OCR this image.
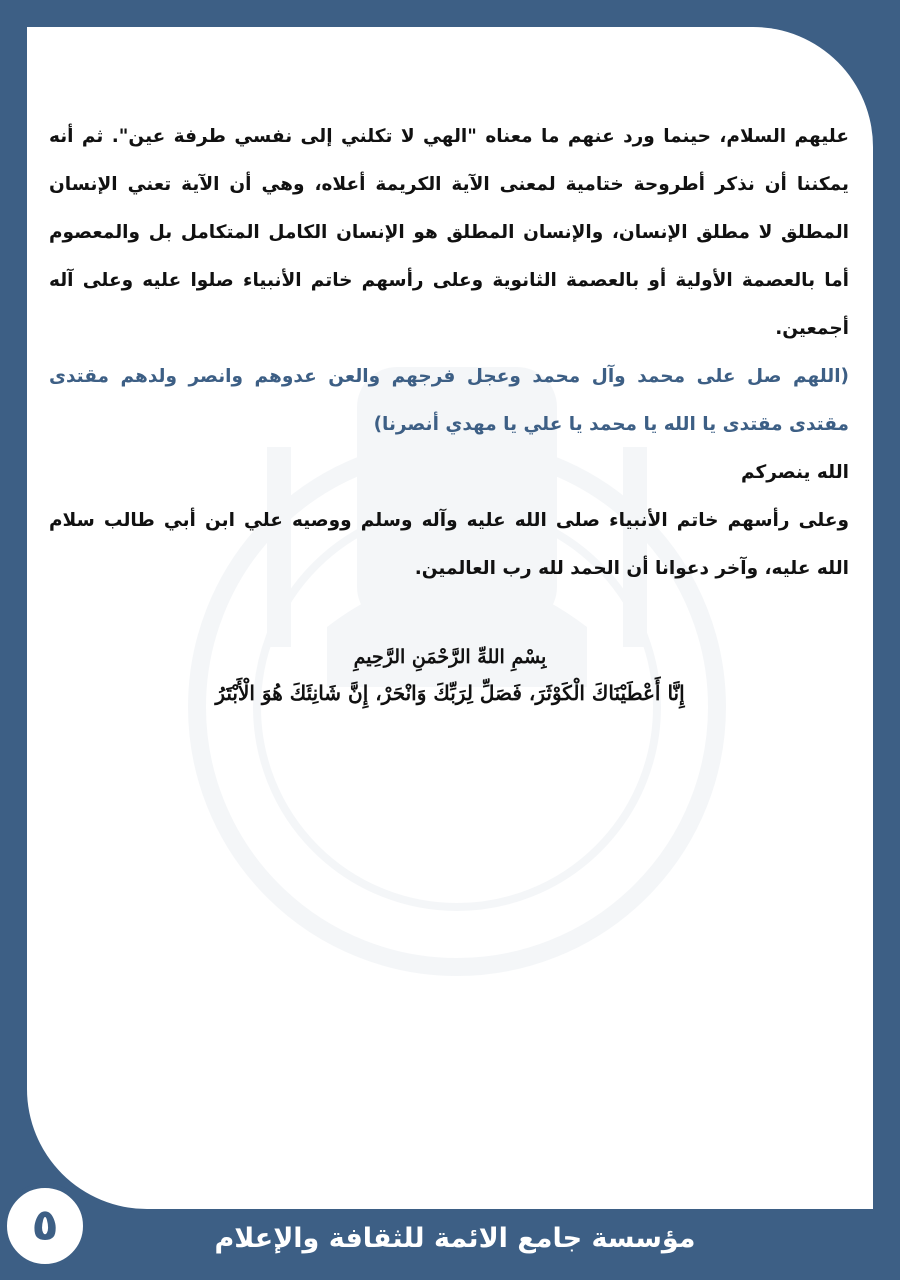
عليهم السلام، حينما ورد عنهم ما معناه "الهي لا تكلني إلى نفسي طرفة عين". ثم أنه يمكننا أن نذكر أطروحة ختامية لمعنى الآية الكريمة أعلاه، وهي أن الآية تعني الإنسان المطلق لا مطلق الإنسان، والإنسان المطلق هو الإنسان الكامل المتكامل بل والمعصوم أما بالعصمة الأولية أو بالعصمة الثانوية وعلى رأسهم خاتم الأنبياء صلوا عليه وعلى آله أجمعين.

(اللهم صل على محمد وآل محمد وعجل فرجهم والعن عدوهم وانصر ولدهم مقتدى مقتدى مقتدى يا الله يا محمد يا علي يا مهدي أنصرنا)

الله ينصركم

وعلى رأسهم خاتم الأنبياء صلى الله عليه وآله وسلم ووصيه علي ابن أبي طالب سلام الله عليه، وآخر دعوانا أن الحمد لله رب العالمين.

بِسْمِ اللهِّ الرَّحْمَنِ الرَّحِيمِ
إِنَّا أَعْطَيْنَاكَ الْكَوْثَرَ، فَصَلِّ لِرَبِّكَ وَانْحَرْ، إِنَّ شَانِئَكَ هُوَ الْأَبْتَرُ
مؤسسة جامع الائمة للثقافة والإعلام
٥
